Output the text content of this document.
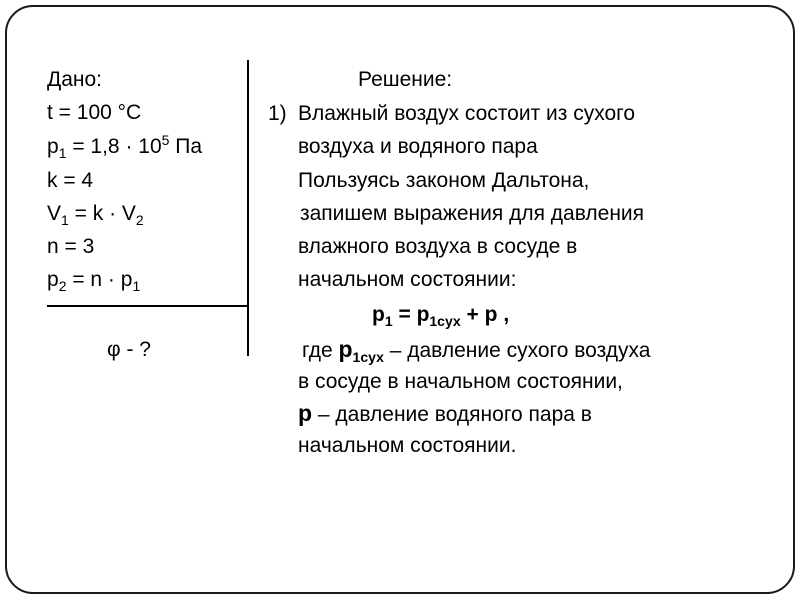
Дано:
t = 100 °C
$p_1 = 1,8 \cdot 10^5$ Па
k = 4
$V_1 = k \cdot V_2$
n = 3
$p_2 = n \cdot p_1$
φ - ?
Решение:
1) Влажный воздух состоит из сухого
воздуха и водяного пара
Пользуясь законом Дальтона,
запишем выражения для давления
влажного воздуха в сосуде в
начальном состоянии:
$p_1 = p_{1сух} + p$ ,
где $p_{1сух}$ – давление сухого воздуха
в сосуде в начальном состоянии,
p – давление водяного пара в
начальном состоянии.
